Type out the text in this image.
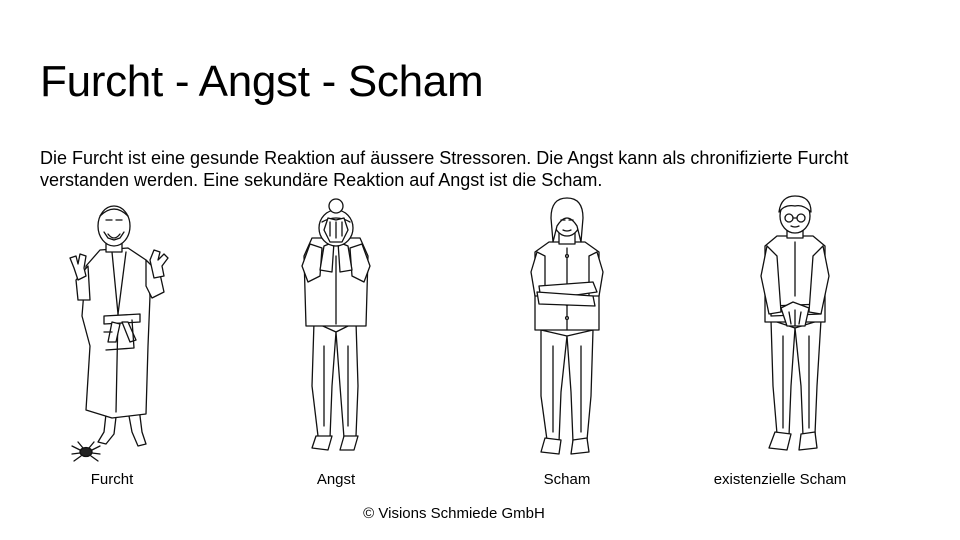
Furcht - Angst - Scham

Die Furcht ist eine gesunde Reaktion auf äussere Stressoren. Die Angst kann als chronifizierte Furcht verstanden werden. Eine sekundäre Reaktion auf Angst ist die Scham.

Furcht	Angst	Scham	existenzielle Scham
© Visions Schmiede GmbH
